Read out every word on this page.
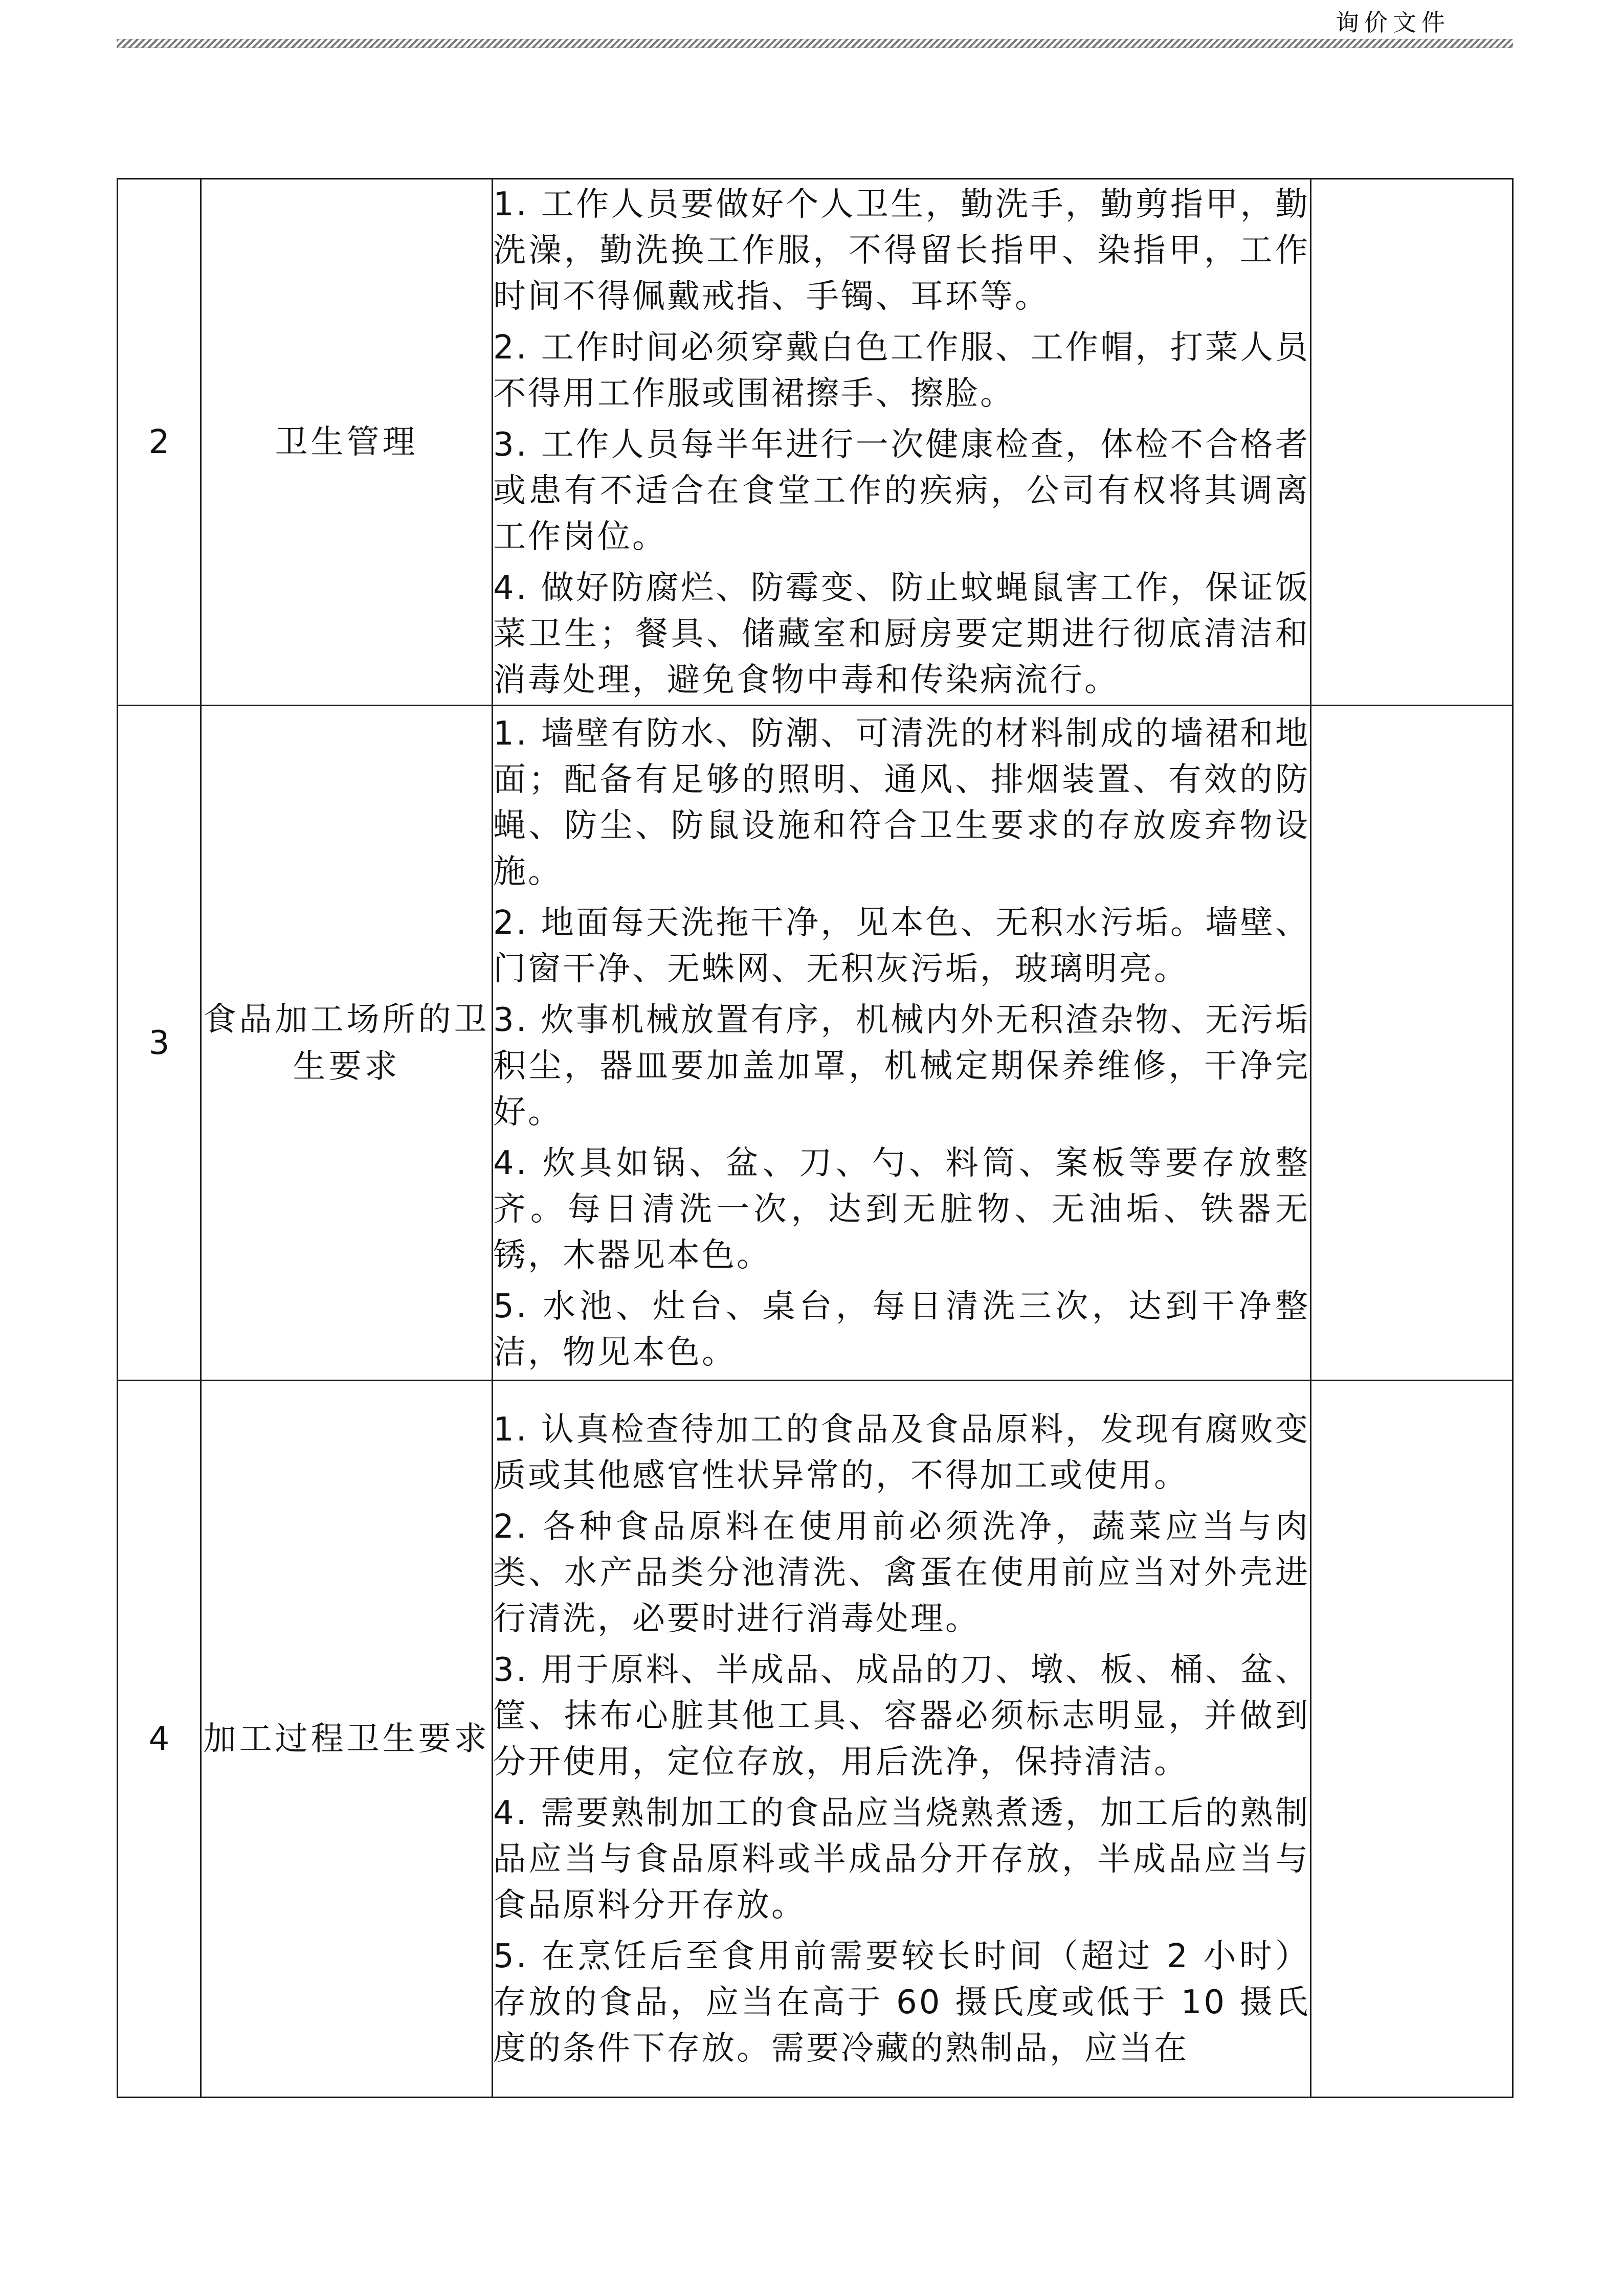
询价文件
2	卫生管理	1. 工作人员要做好个人卫生，勤洗手，勤剪指甲，勤洗澡，勤洗换工作服，不得留长指甲、染指甲，工作时间不得佩戴戒指、手镯、耳环等。

2. 工作时间必须穿戴白色工作服、工作帽，打菜人员不得用工作服或围裙擦手、擦脸。

3. 工作人员每半年进行一次健康检查，体检不合格者或患有不适合在食堂工作的疾病，公司有权将其调离工作岗位。

4. 做好防腐烂、防霉变、防止蚊蝇鼠害工作，保证饭菜卫生；餐具、储藏室和厨房要定期进行彻底清洁和消毒处理，避免食物中毒和传染病流行。	

3	食品加工场所的卫生要求	1. 墙壁有防水、防潮、可清洗的材料制成的墙裙和地面；配备有足够的照明、通风、排烟装置、有效的防蝇、防尘、防鼠设施和符合卫生要求的存放废弃物设施。

2. 地面每天洗拖干净，见本色、无积水污垢。墙壁、门窗干净、无蛛网、无积灰污垢，玻璃明亮。

3. 炊事机械放置有序，机械内外无积渣杂物、无污垢积尘，器皿要加盖加罩，机械定期保养维修，干净完好。

4. 炊具如锅、盆、刀、勺、料筒、案板等要存放整齐。每日清洗一次，达到无脏物、无油垢、铁器无锈，木器见本色。

5. 水池、灶台、桌台，每日清洗三次，达到干净整洁，物见本色。	

4	加工过程卫生要求	1. 认真检查待加工的食品及食品原料，发现有腐败变质或其他感官性状异常的，不得加工或使用。

2. 各种食品原料在使用前必须洗净，蔬菜应当与肉类、水产品类分池清洗、禽蛋在使用前应当对外壳进行清洗，必要时进行消毒处理。

3. 用于原料、半成品、成品的刀、墩、板、桶、盆、筐、抹布心脏其他工具、容器必须标志明显，并做到分开使用，定位存放，用后洗净，保持清洁。

4. 需要熟制加工的食品应当烧熟煮透，加工后的熟制品应当与食品原料或半成品分开存放，半成品应当与食品原料分开存放。

5. 在烹饪后至食用前需要较长时间（超过 2 小时）存放的食品，应当在高于 60 摄氏度或低于 10 摄氏度的条件下存放。需要冷藏的熟制品，应当在	
